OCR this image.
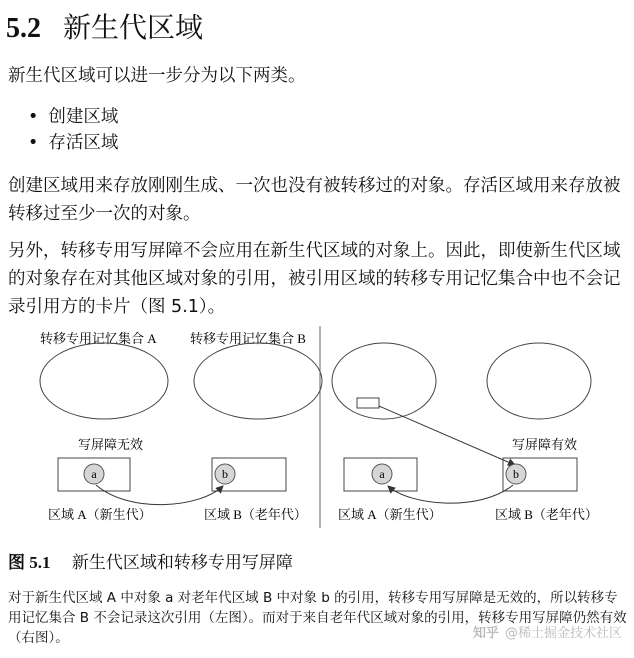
5.2 新生代区域
新生代区域可以进一步分为以下两类。
• 创建区域
• 存活区域
创建区域用来存放刚刚生成、一次也没有被转移过的对象。存活区域用来存放被转移过至少一次的对象。
另外，转移专用写屏障不会应用在新生代区域的对象上。因此，即使新生代区域的对象存在对其他区域对象的引用，被引用区域的转移专用记忆集合中也不会记录引用方的卡片（图 5.1）。
转移专用记忆集合 A	转移专用记忆集合 B
写屏障无效
a	b
区域 A（新生代）	区域 B（老年代）
写屏障有效
a	b
区域 A（新生代）	区域 B（老年代）
图 5.1 新生代区域和转移专用写屏障
对于新生代区域 A 中对象 a 对老年代区域 B 中对象 b 的引用，转移专用写屏障是无效的，所以转移专用记忆集合 B 不会记录这次引用（左图）。而对于来自老年代区域对象的引用，转移专用写屏障仍然有效（右图）。	知乎 @稀土掘金技术社区
